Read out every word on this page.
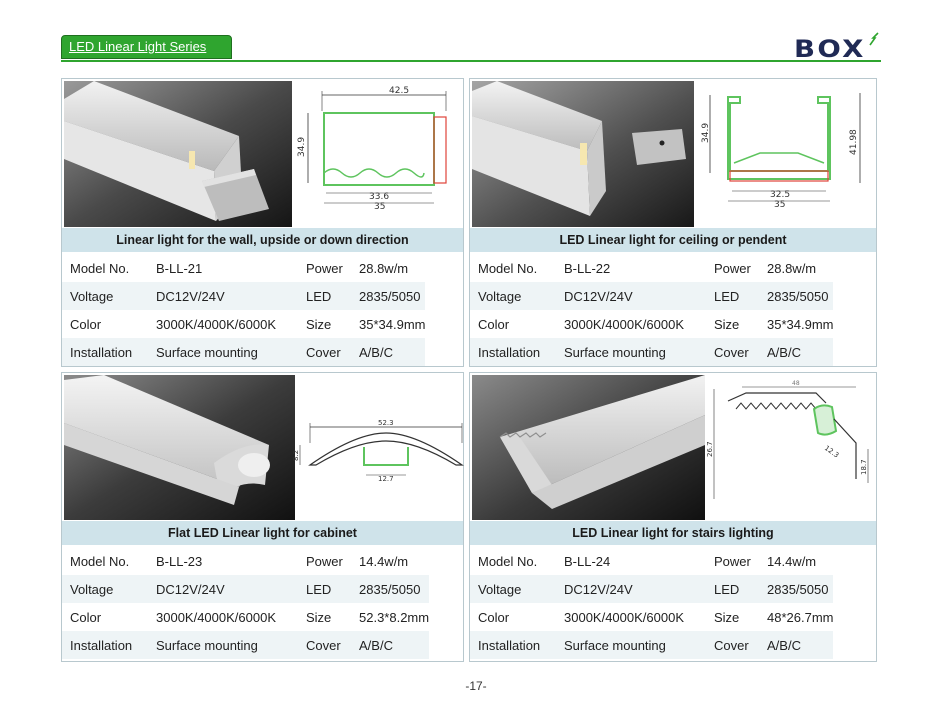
LED Linear Light Series	BOX
42.5
34.9
33.6
35
Linear light for the wall, upside or down direction
Model No.	B-LL-21	Power	28.8w/m
Voltage	DC12V/24V	LED	2835/5050
Color	3000K/4000K/6000K	Size	35*34.9mm
Installation	Surface mounting	Cover	A/B/C
34.9	41.98
32.5
35
LED Linear light for ceiling or pendent
Model No.	B-LL-22	Power	28.8w/m
Voltage	DC12V/24V	LED	2835/5050
Color	3000K/4000K/6000K	Size	35*34.9mm
Installation	Surface mounting	Cover	A/B/C
52.3
8.2
12.7
Flat LED Linear light for cabinet
Model No.	B-LL-23	Power	14.4w/m
Voltage	DC12V/24V	LED	2835/5050
Color	3000K/4000K/6000K	Size	52.3*8.2mm
Installation	Surface mounting	Cover	A/B/C
26.7
48
18.7
12.3
LED Linear light for stairs lighting
Model No.	B-LL-24	Power	14.4w/m
Voltage	DC12V/24V	LED	2835/5050
Color	3000K/4000K/6000K	Size	48*26.7mm
Installation	Surface mounting	Cover	A/B/C
-17-
